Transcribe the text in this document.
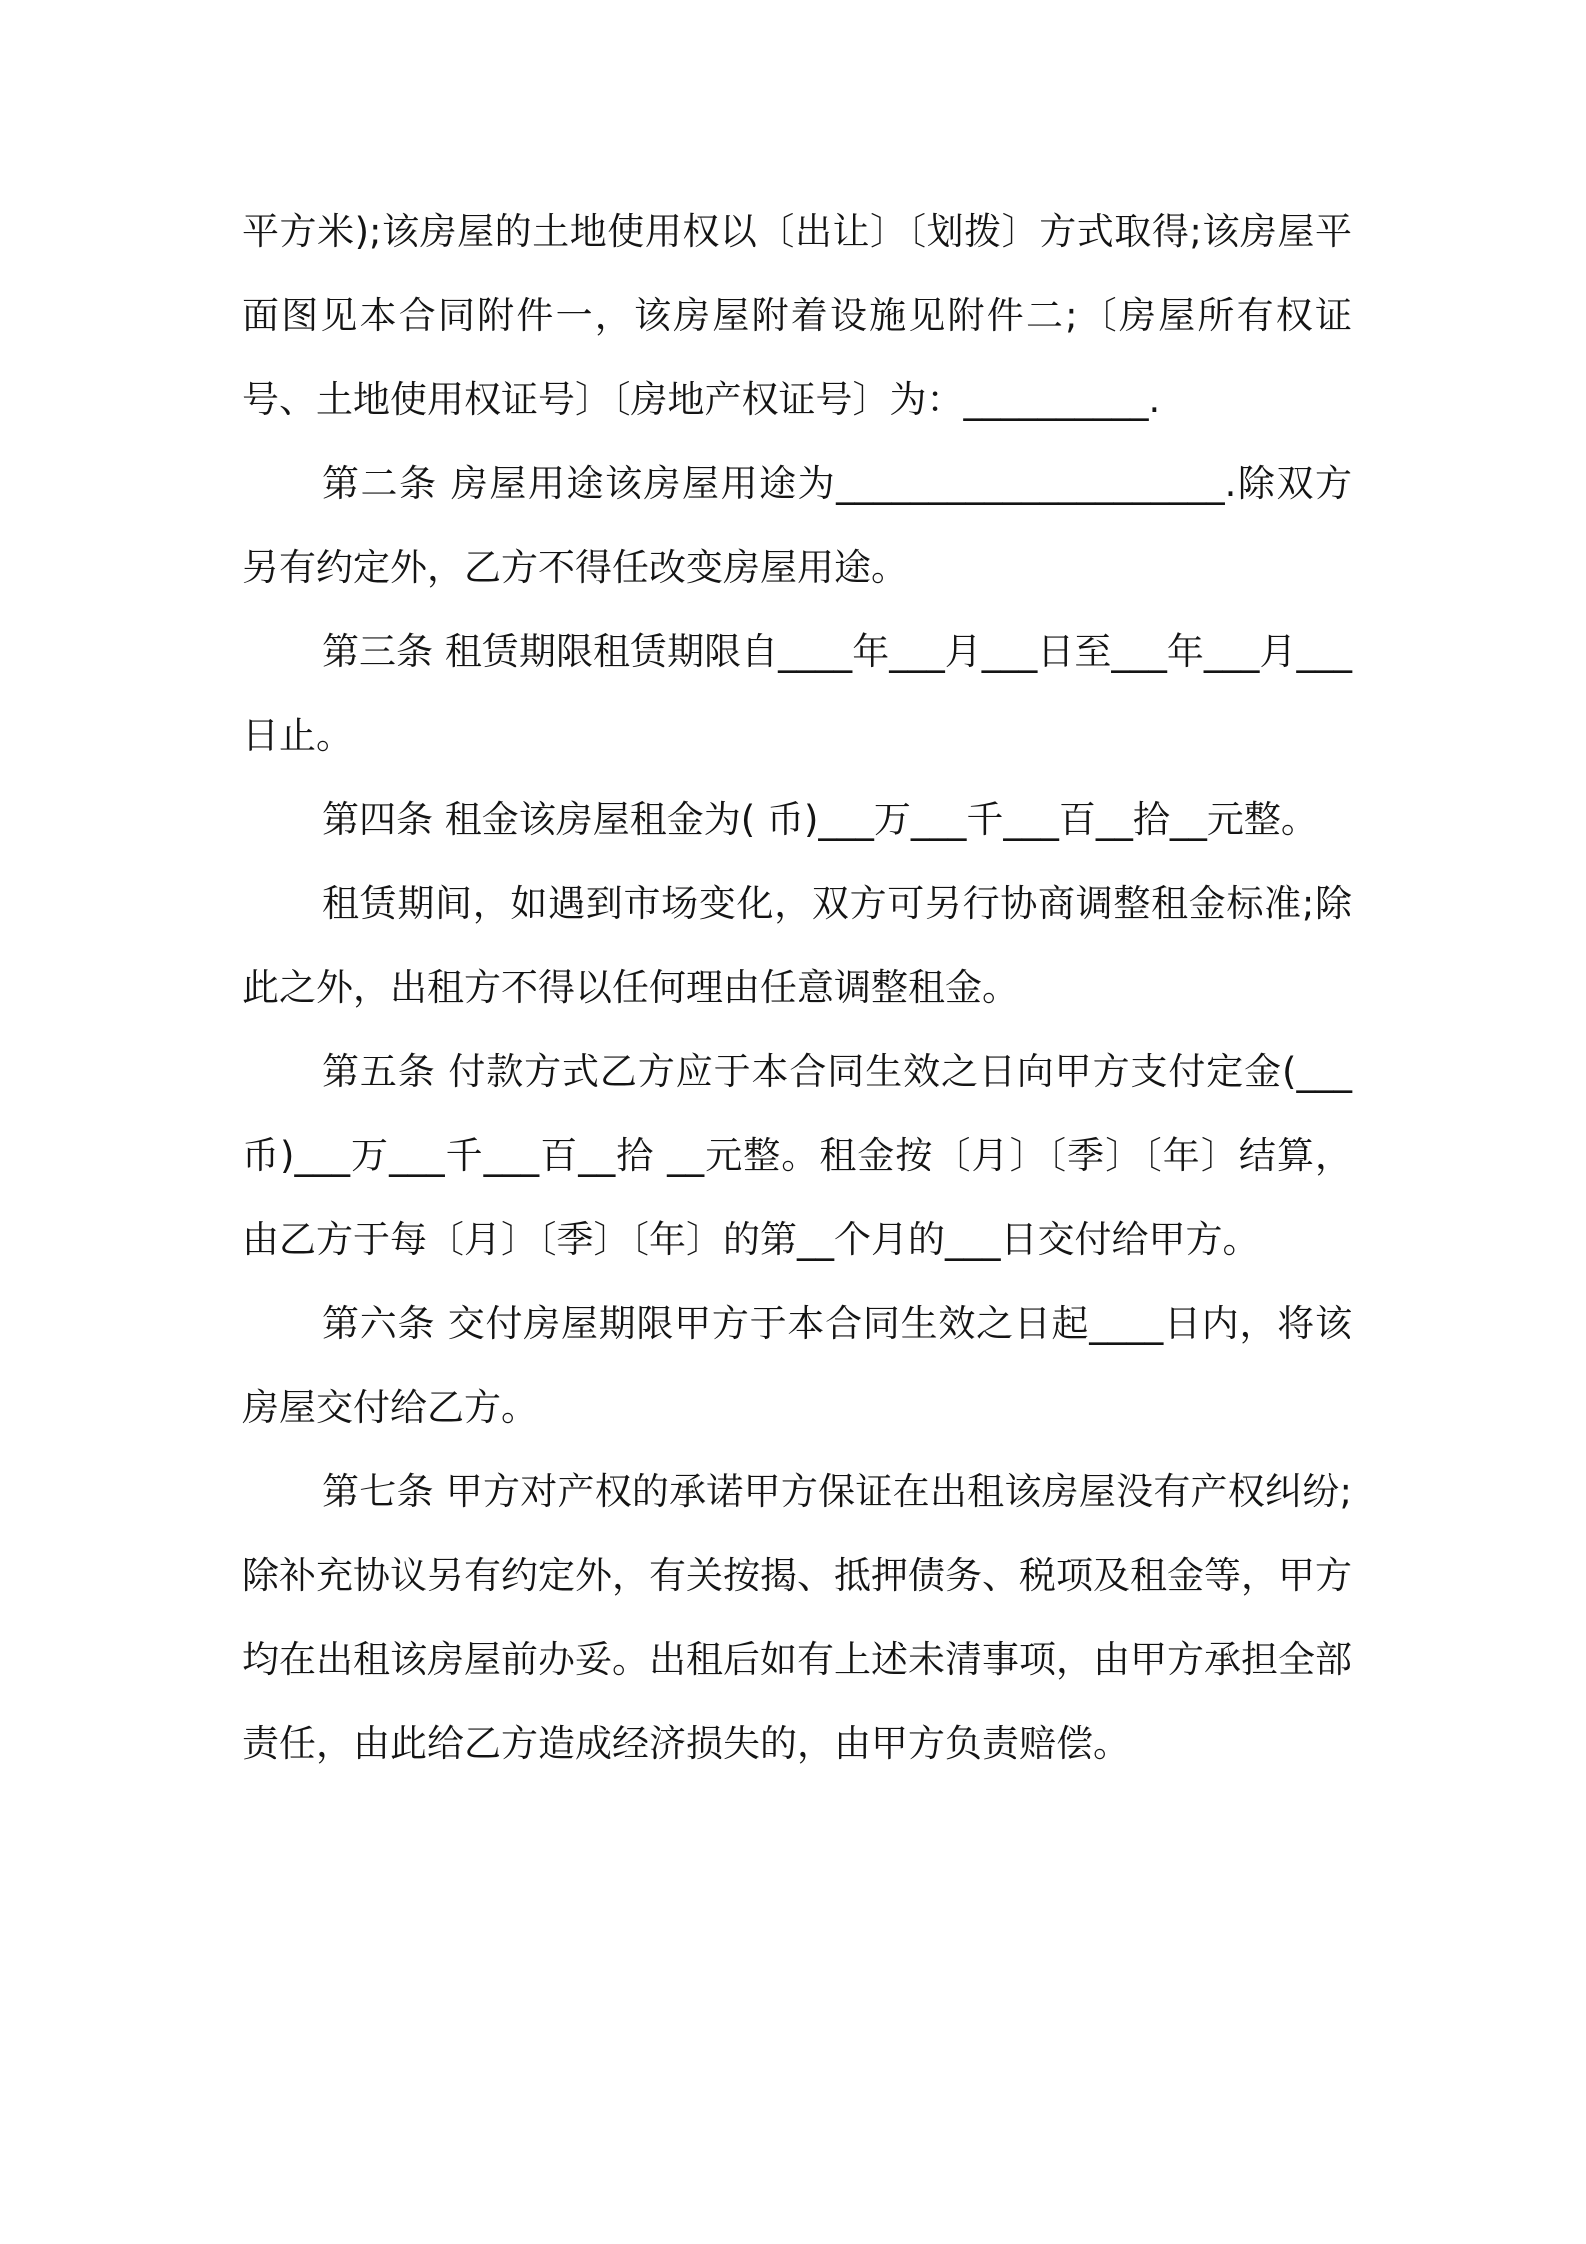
平方米);该房屋的土地使用权以〔出让〕〔划拨〕方式取得;该房屋平面图见本合同附件一，该房屋附着设施见附件二;〔房屋所有权证号、土地使用权证号〕〔房地产权证号〕为：__________.

第二条 房屋用途该房屋用途为_____________________.除双方另有约定外，乙方不得任改变房屋用途。

第三条 租赁期限租赁期限自____年___月___日至___年___月___日止。

第四条 租金该房屋租金为( 币)___万___千___百__拾__元整。

租赁期间，如遇到市场变化，双方可另行协商调整租金标准;除此之外，出租方不得以任何理由任意调整租金。

第五条 付款方式乙方应于本合同生效之日向甲方支付定金(___币)___万___千___百__拾 __元整。租金按〔月〕〔季〕〔年〕结算，由乙方于每〔月〕〔季〕〔年〕的第__个月的___日交付给甲方。

第六条 交付房屋期限甲方于本合同生效之日起____日内，将该房屋交付给乙方。

第七条 甲方对产权的承诺甲方保证在出租该房屋没有产权纠纷;除补充协议另有约定外，有关按揭、抵押债务、税项及租金等，甲方均在出租该房屋前办妥。出租后如有上述未清事项，由甲方承担全部责任，由此给乙方造成经济损失的，由甲方负责赔偿。
